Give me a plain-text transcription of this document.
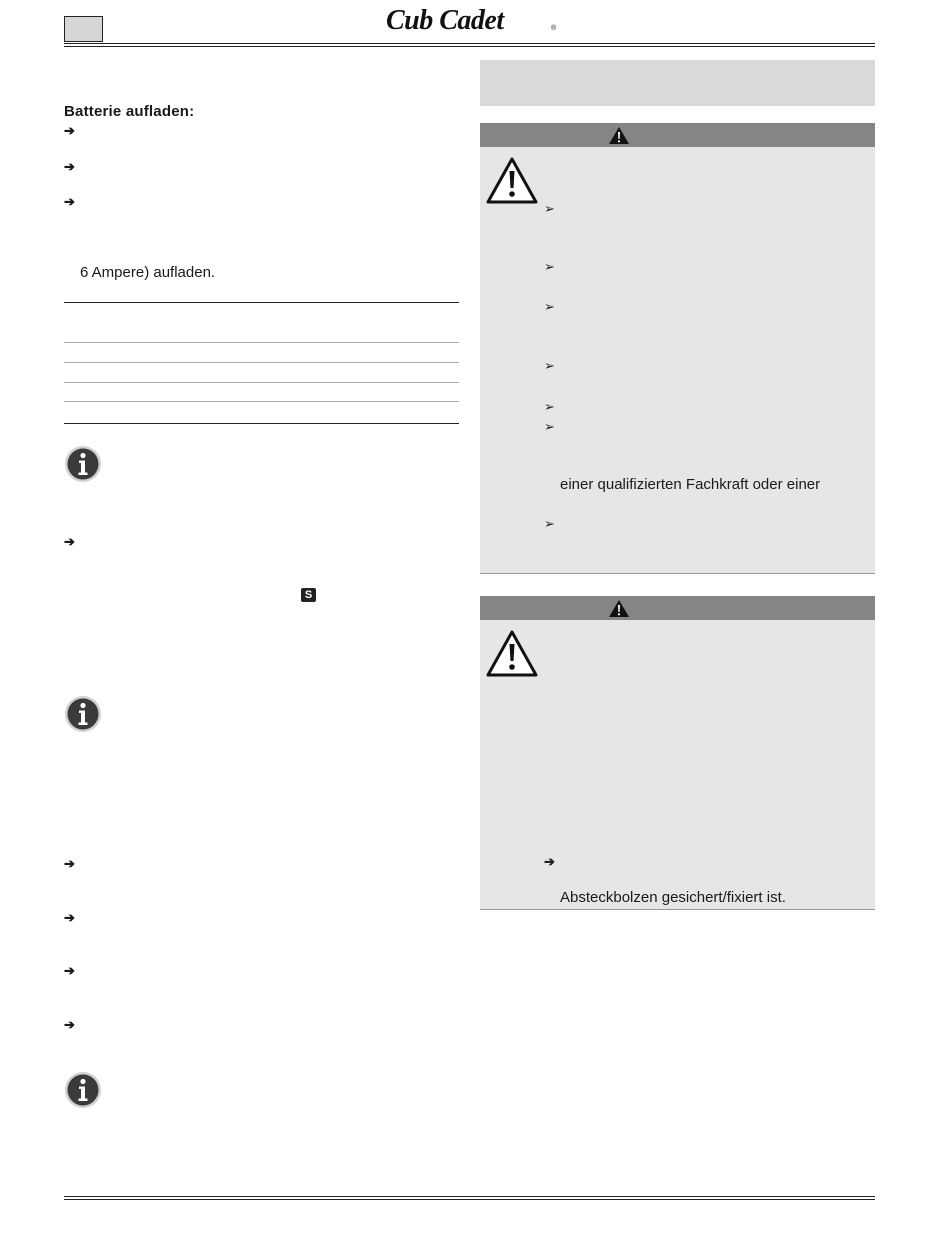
Cub Cadet	®
Batterie aufladen:
➔
➔
➔
6 Ampere) aufladen.
➔
S
➔
➔
➔
➔
➢
➢
➢
➢
➢
➢
einer qualifizierten Fachkraft oder einer
➢
➔
Absteckbolzen gesichert/fixiert ist.
